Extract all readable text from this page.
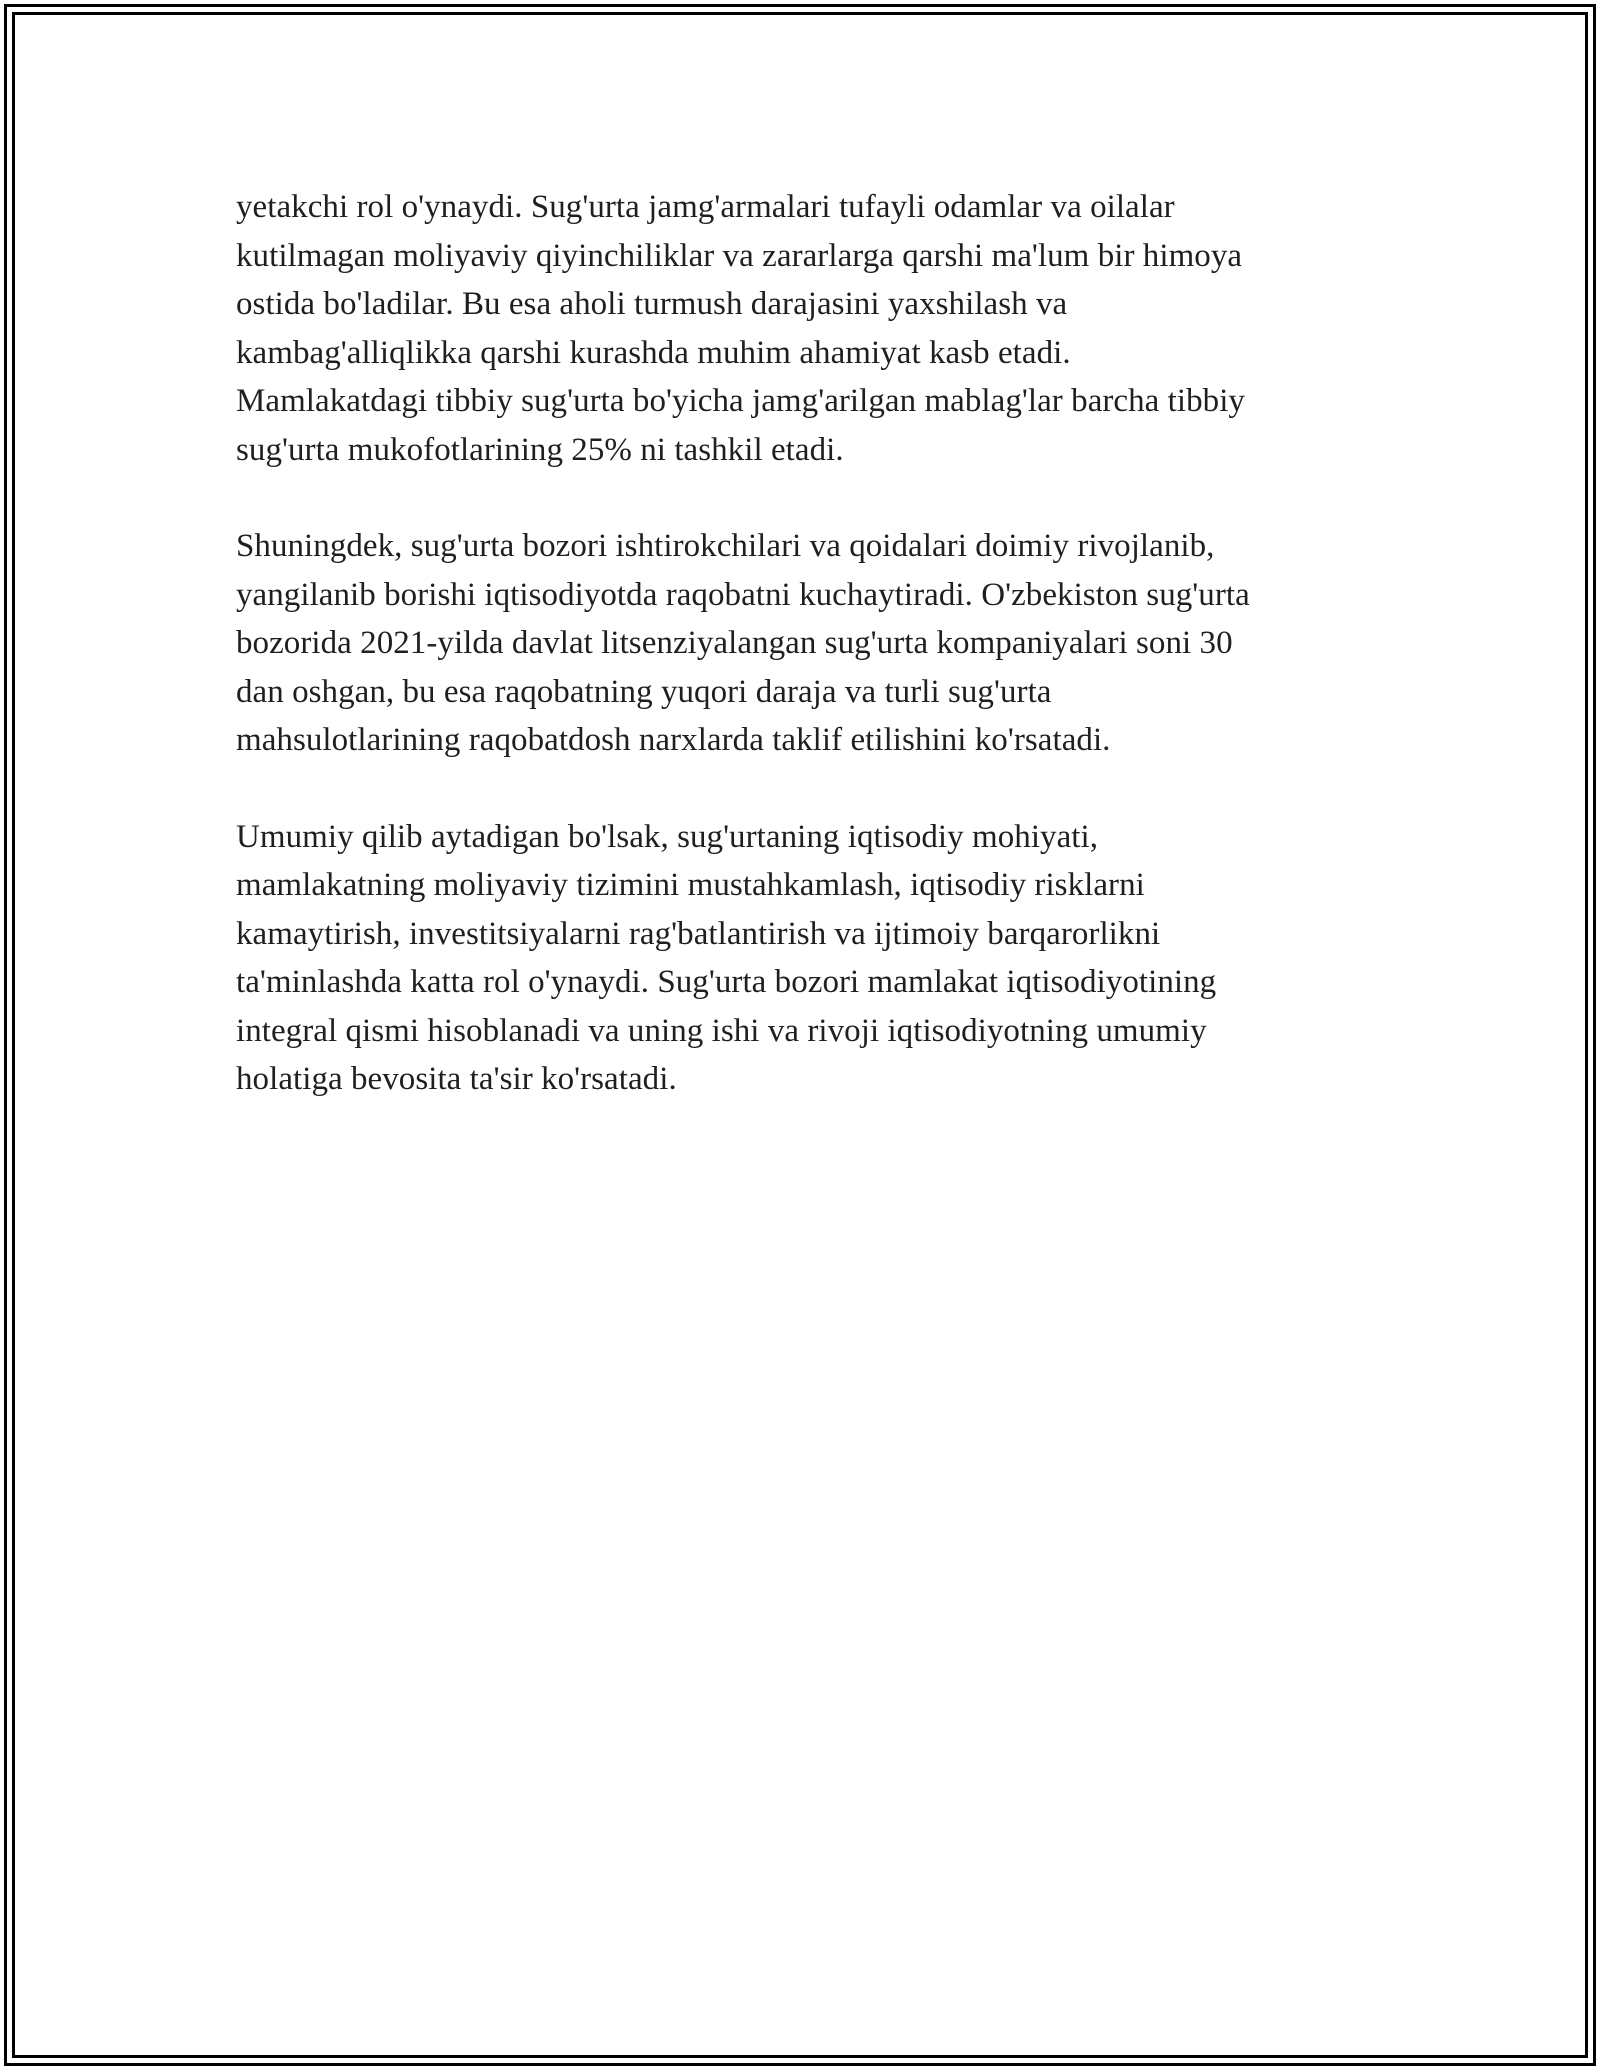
yetakchi rol o'ynaydi. Sug'urta jamg'armalari tufayli odamlar va oilalar
kutilmagan moliyaviy qiyinchiliklar va zararlarga qarshi ma'lum bir himoya
ostida bo'ladilar. Bu esa aholi turmush darajasini yaxshilash va
kambag'alliqlikka qarshi kurashda muhim ahamiyat kasb etadi.
Mamlakatdagi tibbiy sug'urta bo'yicha jamg'arilgan mablag'lar barcha tibbiy
sug'urta mukofotlarining 25% ni tashkil etadi.

Shuningdek, sug'urta bozori ishtirokchilari va qoidalari doimiy rivojlanib,
yangilanib borishi iqtisodiyotda raqobatni kuchaytiradi. O'zbekiston sug'urta
bozorida 2021-yilda davlat litsenziyalangan sug'urta kompaniyalari soni 30
dan oshgan, bu esa raqobatning yuqori daraja va turli sug'urta
mahsulotlarining raqobatdosh narxlarda taklif etilishini ko'rsatadi.

Umumiy qilib aytadigan bo'lsak, sug'urtaning iqtisodiy mohiyati,
mamlakatning moliyaviy tizimini mustahkamlash, iqtisodiy risklarni
kamaytirish, investitsiyalarni rag'batlantirish va ijtimoiy barqarorlikni
ta'minlashda katta rol o'ynaydi. Sug'urta bozori mamlakat iqtisodiyotining
integral qismi hisoblanadi va uning ishi va rivoji iqtisodiyotning umumiy
holatiga bevosita ta'sir ko'rsatadi.
